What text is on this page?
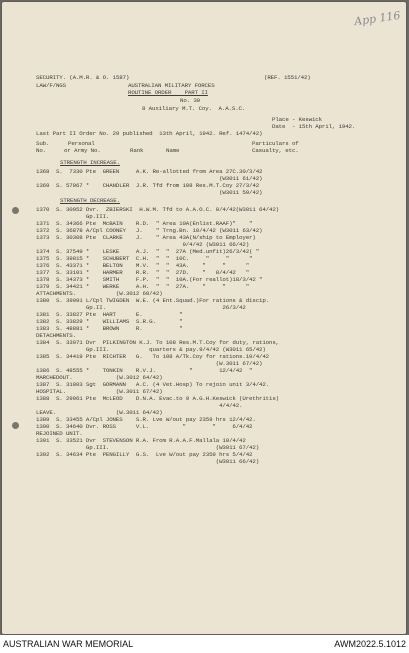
App 116
SECURITY. (A.M.R. & O. 1587)	(REF. 1551/42)
LAW/F/NGS	AUSTRALIAN MILITARY FORCES
ROUTINE ORDER    PART II
No. 30
8 Auxiliary M.T. Coy.  A.A.S.C.
Place - Keswick
Date  - 15th April, 1942.
Last Part II Order No. 29 published  13th April, 1942. Ref. 1474/42)
Sub.	Personal	Particulars of
No.	or Army No.	Rank	Name	Casualty, etc.
STRENGTH INCREASE.
1368  S.  7330 Pte  GREEN     A.K. Re-allotted from Area 27C.30/3/42
(W3011 61/42)
1369  S. 57067 *    CHANDLER  J.R. Tfd from 108 Res.M.T.Coy 27/3/42
(W3011 59/42)
STRENGTH DECREASE.
1370  S. 30052 Dvr.  ZBIERSKI  H.W.M. Tfd to A.A.O.C. 8/4/42(W3011 64/42)
Gp.III.
1371  S. 34366 Pte  McBAIN    R.D.  " Area 10A(Enlist.RAAF)"    "
1372  S. 36878 A/Cpl COONEY   J.    " Trng.Bn. 10/4/42 (W3011 63/42)
1373  S. 30308 Pte  CLARKE    J.    " Area 43A(N/ship to Employer)
9/4/42 (W3011 66/42)
1374  S. 37549 *    LESKE     A.J.  "  "  27A (Med.unfit)26/3/42( "
1375  S. 39815 *    SCHUBERT  C.H.  "  "  10C.     "     "      "
1376  S. 43371 *    BELTON    M.V.  "  "  43A.    "     "      "
1377  S. 33101 *    HARMER    R.R.  "  "  27D.    "   8/4/42   "
1378  S. 34373 *    SMITH     F.P.  "  "  10A.(For reallot)18/3/42 "
1379  S. 34421 *    WERKE     A.H.  "  "  27A.    "     "      "
ATTACHMENTS.            (W.3012 60/42)
1380  S. 39091 L/Cpl TWIGDEN  W.E. (4 Ent.Squad.)For rations & discip.
Gp.II.                                   26/3/42
1381  S. 33827 Pte  HART      E.           "
1382  S. 33829 *    WILLIAMS  S.R.G.       "
1383  S. 48881 *    BROWN     R.           "
DETACHMENTS.
1384  S. 33071 Dvr  PILKINGTON K.J. To 108 Res.M.T.Coy for duty, rations,
Gp.III.            quarters & pay.9/4/42 (W3011 65/42)
1385  S. 34419 Pte  RICHTER   G.   To 108 A/Tk.Coy for rations.10/4/42
(W.3011 67/42)
1386  S. 48555 *    TONKIN    R.V.J.          "        12/4/42  "
MARCHEDOUT.             (W.3012 64/42)
1387  S. 31803 Sgt  GORMANN   A.C. (4 Vet.Hosp) To rejoin unit 3/4/42.
HOSPITAL.               (W.3011 67/42)
1388  S. 29961 Pte  McLEOD    D.N.A. Evac.to 9 A.G.H.Keswick (Urethritis)
4/4/42.
LEAVE.                  (W.3011 64/42)
1389  S. 33455 A/Cpl JONES    S.R. Lve W/out pay 2359 hrs 12/4/42.
1390  S. 34640 Dvr. ROSS      V.L.          "        "     6/4/42
REJOINED UNIT.
1391  S. 33521 Dvr  STEVENSON R.A. From R.A.A.F.Mallala 10/4/42
Gp.III.                                (W3011 67/42)
1392  S. 34634 Pte  PENGILLY  G.S.  Lve W/out pay 2359 hrs 5/4/42
(W3011 66/42)
AUSTRALIAN WAR MEMORIAL	AWM2022.5.1012
